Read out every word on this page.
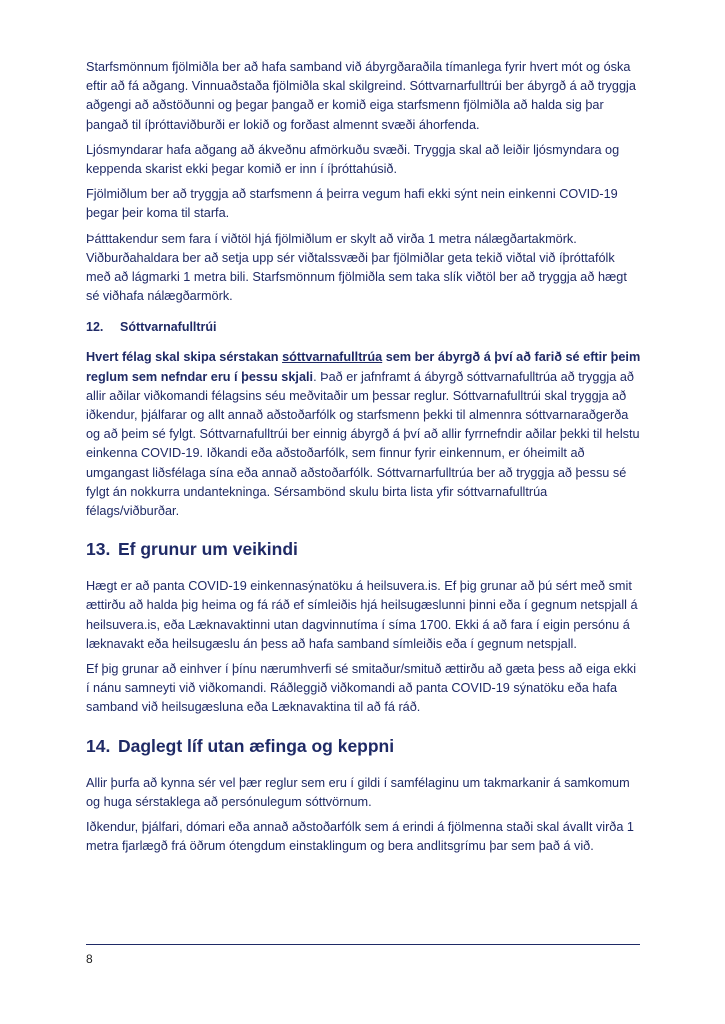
Starfsmönnum fjölmiðla ber að hafa samband við ábyrgðaraðila tímanlega fyrir hvert mót og óska eftir að fá aðgang. Vinnuaðstaða fjölmiðla skal skilgreind. Sóttvarnarfulltrúi ber ábyrgð á að tryggja aðgengi að aðstöðunni og þegar þangað er komið eiga starfsmenn fjölmiðla að halda sig þar þangað til íþróttaviðburði er lokið og forðast almennt svæði áhorfenda.

Ljósmyndarar hafa aðgang að ákveðnu afmörkuðu svæði. Tryggja skal að leiðir ljósmyndara og keppenda skarist ekki þegar komið er inn í íþróttahúsið.

Fjölmiðlum ber að tryggja að starfsmenn á þeirra vegum hafi ekki sýnt nein einkenni COVID-19 þegar þeir koma til starfa.

Þátttakendur sem fara í viðtöl hjá fjölmiðlum er skylt að virða 1 metra nálægðartakmörk. Viðburðahaldara ber að setja upp sér viðtalssvæði þar fjölmiðlar geta tekið viðtal við íþróttafólk með að lágmarki 1 metra bili. Starfsmönnum fjölmiðla sem taka slík viðtöl ber að tryggja að hægt sé viðhafa nálægðarmörk.

12. Sóttvarnafulltrúi

Hvert félag skal skipa sérstakan sóttvarnafulltrúa sem ber ábyrgð á því að farið sé eftir þeim reglum sem nefndar eru í þessu skjali. Það er jafnframt á ábyrgð sóttvarnafulltrúa að tryggja að allir aðilar viðkomandi félagsins séu meðvitaðir um þessar reglur. Sóttvarnafulltrúi skal tryggja að iðkendur, þjálfarar og allt annað aðstoðarfólk og starfsmenn þekki til almennra sóttvarnaraðgerða og að þeim sé fylgt. Sóttvarnafulltrúi ber einnig ábyrgð á því að allir fyrrnefndir aðilar þekki til helstu einkenna COVID-19. Iðkandi eða aðstoðarfólk, sem finnur fyrir einkennum, er óheimilt að umgangast liðsfélaga sína eða annað aðstoðarfólk. Sóttvarnarfulltrúa ber að tryggja að þessu sé fylgt án nokkurra undantekninga. Sérsambönd skulu birta lista yfir sóttvarnafulltrúa félags/viðburðar.

13. Ef grunur um veikindi

Hægt er að panta COVID-19 einkennasýnatöku á heilsuvera.is. Ef þig grunar að þú sért með smit ættirðu að halda þig heima og fá ráð ef símleiðis hjá heilsugæslunni þinni eða í gegnum netspjall á heilsuvera.is, eða Læknavaktinni utan dagvinnutíma í síma 1700. Ekki á að fara í eigin persónu á læknavakt eða heilsugæslu án þess að hafa samband símleiðis eða í gegnum netspjall.

Ef þig grunar að einhver í þínu nærumhverfi sé smitaður/smituð ættirðu að gæta þess að eiga ekki í nánu samneyti við viðkomandi. Ráðleggið viðkomandi að panta COVID-19 sýnatöku eða hafa samband við heilsugæsluna eða Læknavaktina til að fá ráð.

14. Daglegt líf utan æfinga og keppni

Allir þurfa að kynna sér vel þær reglur sem eru í gildi í samfélaginu um takmarkanir á samkomum og huga sérstaklega að persónulegum sóttvörnum.

Iðkendur, þjálfari, dómari eða annað aðstoðarfólk sem á erindi á fjölmenna staði skal ávallt virða 1 metra fjarlægð frá öðrum ótengdum einstaklingum og bera andlitsgrímu þar sem það á við.

8
